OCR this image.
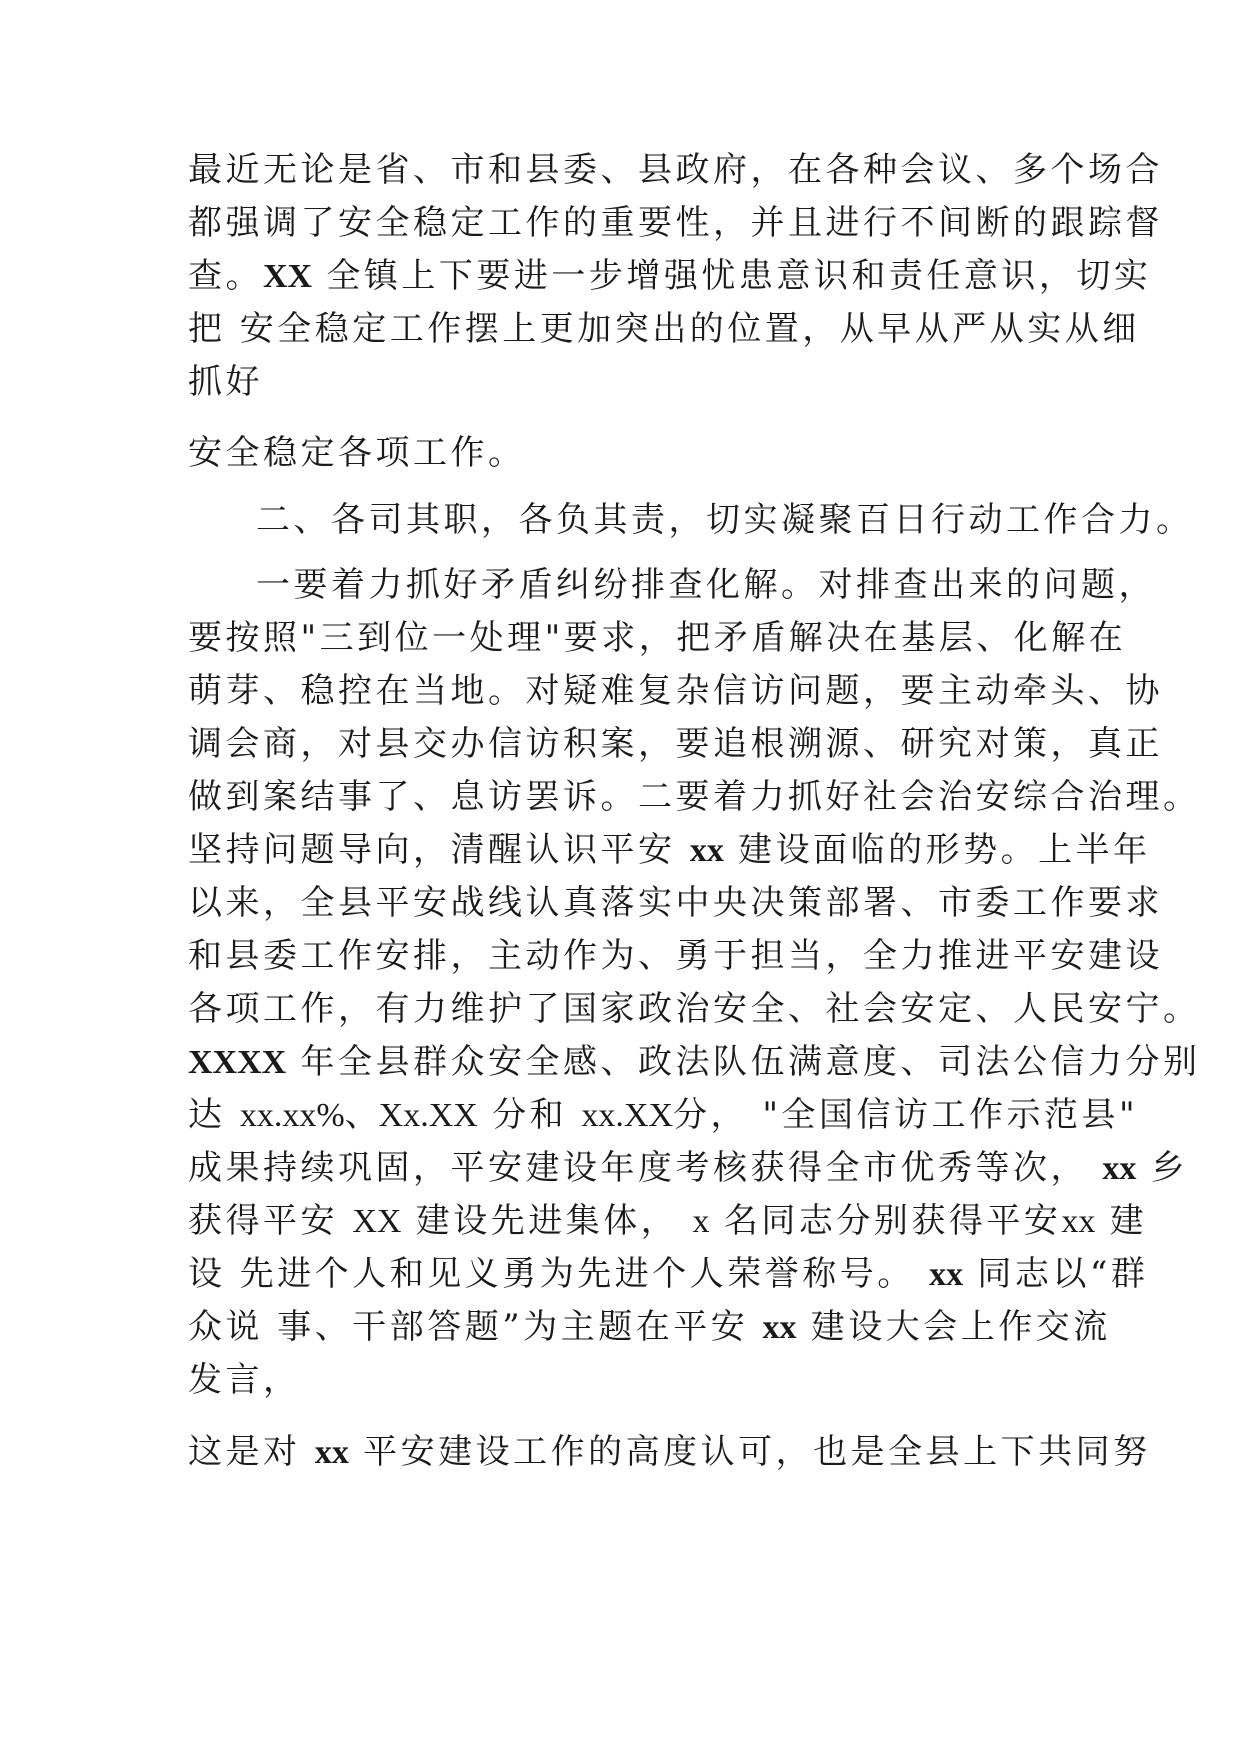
最近无论是省、市和县委、县政府，在各种会议、多个场合
都强调了安全稳定工作的重要性，并且进行不间断的跟踪督
查。XX 全镇上下要进一步增强忧患意识和责任意识，切实
把 安全稳定工作摆上更加突出的位置，从早从严从实从细
抓好
安全稳定各项工作。
二、各司其职，各负其责，切实凝聚百日行动工作合力。
一要着力抓好矛盾纠纷排查化解。对排查出来的问题，
要按照"三到位一处理"要求，把矛盾解决在基层、化解在
萌芽、稳控在当地。对疑难复杂信访问题，要主动牵头、协
调会商，对县交办信访积案，要追根溯源、研究对策，真正
做到案结事了、息访罢诉。二要着力抓好社会治安综合治理。
坚持问题导向，清醒认识平安 xx 建设面临的形势。上半年
以来，全县平安战线认真落实中央决策部署、市委工作要求
和县委工作安排，主动作为、勇于担当，全力推进平安建设
各项工作，有力维护了国家政治安全、社会安定、人民安宁。
XXXX 年全县群众安全感、政法队伍满意度、司法公信力分别
达 xx.xx%、Xx.XX 分和 xx.XX分， "全国信访工作示范县"
成果持续巩固，平安建设年度考核获得全市优秀等次， xx 乡
获得平安 XX 建设先进集体， x 名同志分别获得平安xx 建
设 先进个人和见义勇为先进个人荣誉称号。 xx 同志以“群
众说 事、干部答题”为主题在平安 xx 建设大会上作交流
发言，
这是对 xx 平安建设工作的高度认可，也是全县上下共同努
